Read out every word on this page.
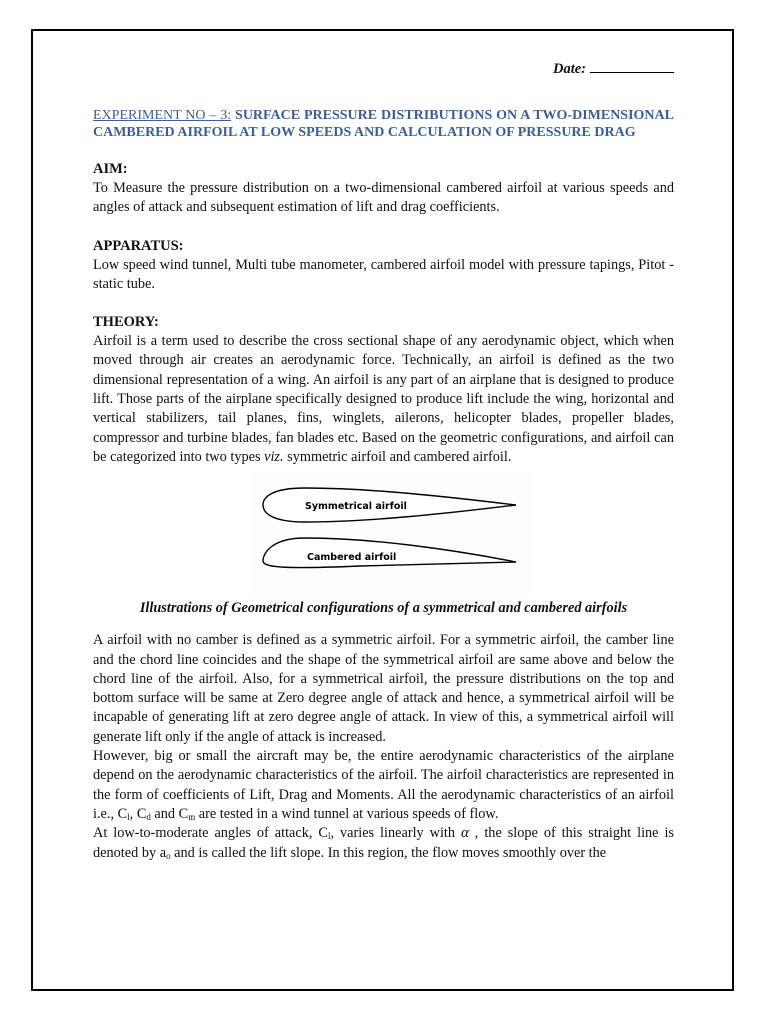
Date:
EXPERIMENT NO – 3: SURFACE PRESSURE DISTRIBUTIONS ON A TWO-DIMENSIONAL CAMBERED AIRFOIL AT LOW SPEEDS AND CALCULATION OF PRESSURE DRAG
AIM:

To Measure the pressure distribution on a two-dimensional cambered airfoil at various speeds and angles of attack and subsequent estimation of lift and drag coefficients.

APPARATUS:

Low speed wind tunnel, Multi tube manometer, cambered airfoil model with pressure tapings, Pitot - static tube.

THEORY:

Airfoil is a term used to describe the cross sectional shape of any aerodynamic object, which when moved through air creates an aerodynamic force. Technically, an airfoil is defined as the two dimensional representation of a wing. An airfoil is any part of an airplane that is designed to produce lift. Those parts of the airplane specifically designed to produce lift include the wing, horizontal and vertical stabilizers, tail planes, fins, winglets, ailerons, helicopter blades, propeller blades, compressor and turbine blades, fan blades etc. Based on the geometric configurations, and airfoil can be categorized into two types viz. symmetric airfoil and cambered airfoil.

Symmetrical airfoil
Cambered airfoil
Illustrations of Geometrical configurations of a symmetrical and cambered airfoils

A airfoil with no camber is defined as a symmetric airfoil. For a symmetric airfoil, the camber line and the chord line coincides and the shape of the symmetrical airfoil are same above and below the chord line of the airfoil. Also, for a symmetrical airfoil, the pressure distributions on the top and bottom surface will be same at Zero degree angle of attack and hence, a symmetrical airfoil will be incapable of generating lift at zero degree angle of attack. In view of this, a symmetrical airfoil will generate lift only if the angle of attack is increased.

However, big or small the aircraft may be, the entire aerodynamic characteristics of the airplane depend on the aerodynamic characteristics of the airfoil. The airfoil characteristics are represented in the form of coefficients of Lift, Drag and Moments. All the aerodynamic characteristics of an airfoil i.e., $C_l$, $C_d$ and $C_m$ are tested in a wind tunnel at various speeds of flow.

At low-to-moderate angles of attack, $C_l$, varies linearly with α , the slope of this straight line is denoted by $a_o$ and is called the lift slope. In this region, the flow moves smoothly over the
